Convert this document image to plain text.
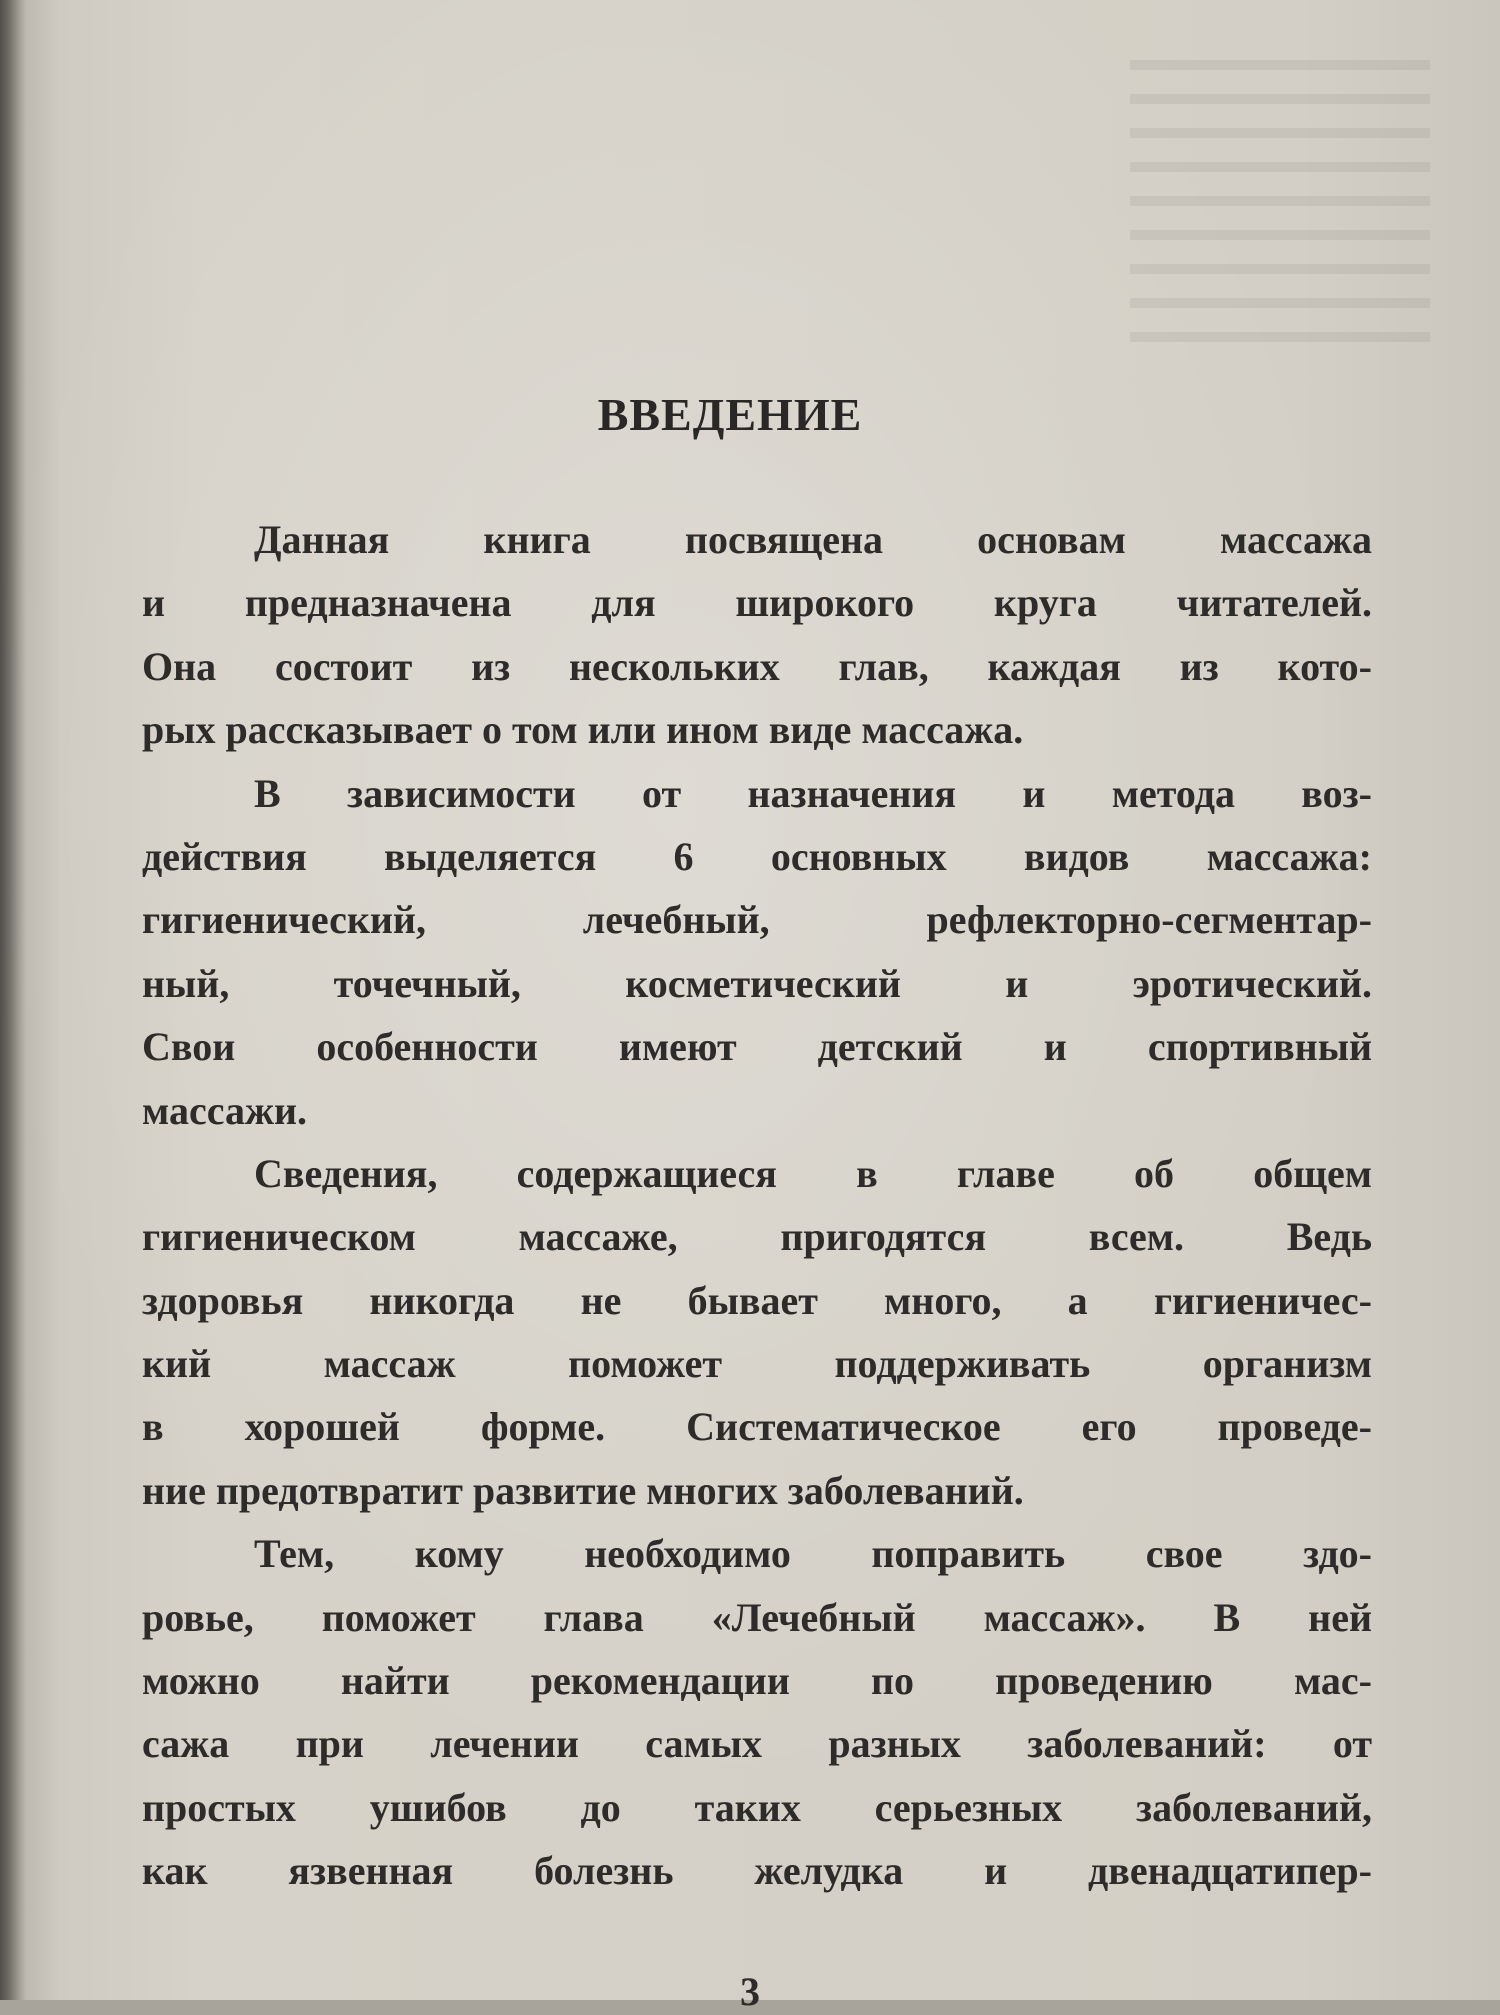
ВВЕДЕНИЕ
Данная книга посвящена основам массажа
и предназначена для широкого круга читателей.
Она состоит из нескольких глав, каждая из кото-
рых рассказывает о том или ином виде массажа.
В зависимости от назначения и метода воз-
действия выделяется 6 основных видов массажа:
гигиенический, лечебный, рефлекторно-сегментар-
ный, точечный, косметический и эротический.
Свои особенности имеют детский и спортивный
массажи.
Сведения, содержащиеся в главе об общем
гигиеническом массаже, пригодятся всем. Ведь
здоровья никогда не бывает много, а гигиеничес-
кий массаж поможет поддерживать организм
в хорошей форме. Систематическое его проведе-
ние предотвратит развитие многих заболеваний.
Тем, кому необходимо поправить свое здо-
ровье, поможет глава «Лечебный массаж». В ней
можно найти рекомендации по проведению мас-
сажа при лечении самых разных заболеваний: от
простых ушибов до таких серьезных заболеваний,
как язвенная болезнь желудка и двенадцатипер-
3
